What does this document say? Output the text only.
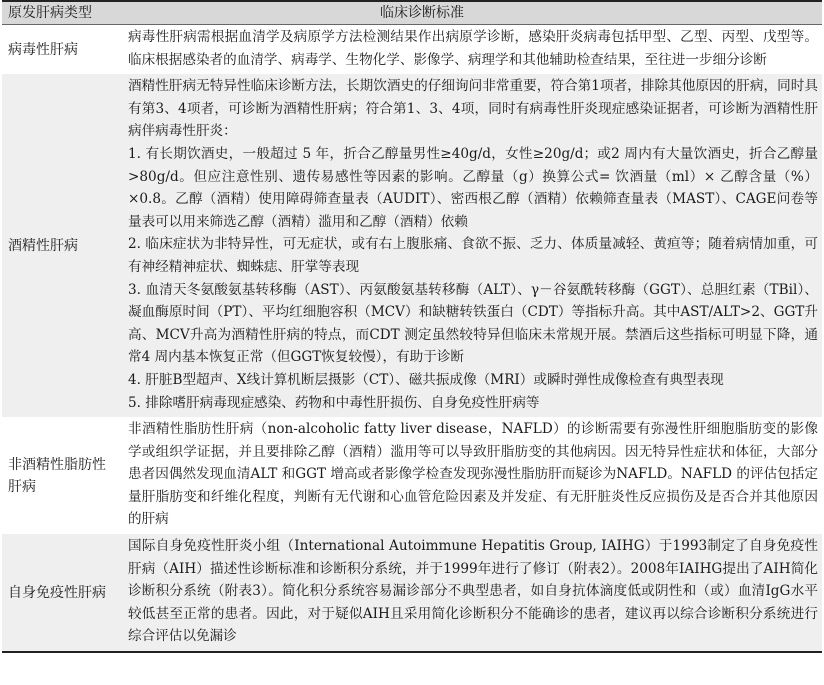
原发肝病类型	临床诊断标准
病毒性肝病

病毒性肝病需根据血清学及病原学方法检测结果作出病原学诊断，感染肝炎病毒包括甲型、乙型、丙型、戊型等。临床根据感染者的血清学、病毒学、生物化学、影像学、病理学和其他辅助检查结果，至往进一步细分诊断

酒精性肝病

酒精性肝病无特异性临床诊断方法，长期饮酒史的仔细询问非常重要，符合第1项者，排除其他原因的肝病，同时具有第3、4项者，可诊断为酒精性肝病；符合第1、3、4项，同时有病毒性肝炎现症感染证据者，可诊断为酒精性肝病伴病毒性肝炎：

1. 有长期饮酒史，一般超过 5 年，折合乙醇量男性≥40g/d，女性≥20g/d；或2 周内有大量饮酒史，折合乙醇量>80g/d。但应注意性别、遗传易感性等因素的影响。乙醇量（g）换算公式= 饮酒量（ml）× 乙醇含量（%）×0.8。乙醇（酒精）使用障碍筛查量表（AUDIT）、密西根乙醇（酒精）依赖筛查量表（MAST）、CAGE问卷等量表可以用来筛选乙醇（酒精）滥用和乙醇（酒精）依赖

2. 临床症状为非特异性，可无症状，或有右上腹胀痛、食欲不振、乏力、体质量减轻、黄疸等；随着病情加重，可有神经精神症状、蜘蛛痣、肝掌等表现

3. 血清天冬氨酸氨基转移酶（AST）、丙氨酸氨基转移酶（ALT）、γ－谷氨酰转移酶（GGT）、总胆红素（TBil）、凝血酶原时间（PT）、平均红细胞容积（MCV）和缺糖转铁蛋白（CDT）等指标升高。其中AST/ALT>2、GGT升高、MCV升高为酒精性肝病的特点，而CDT 测定虽然较特异但临床未常规开展。禁酒后这些指标可明显下降，通常4 周内基本恢复正常（但GGT恢复较慢），有助于诊断

4. 肝脏B型超声、X线计算机断层摄影（CT）、磁共振成像（MRI）或瞬时弹性成像检查有典型表现

5. 排除嗜肝病毒现症感染、药物和中毒性肝损伤、自身免疫性肝病等

非酒精性脂肪性肝病

非酒精性脂肪性肝病（non-alcoholic fatty liver disease，NAFLD）的诊断需要有弥漫性肝细胞脂肪变的影像学或组织学证据，并且要排除乙醇（酒精）滥用等可以导致肝脂肪变的其他病因。因无特异性症状和体征，大部分患者因偶然发现血清ALT 和GGT 增高或者影像学检查发现弥漫性脂肪肝而疑诊为NAFLD。NAFLD 的评估包括定量肝脂肪变和纤维化程度，判断有无代谢和心血管危险因素及并发症、有无肝脏炎性反应损伤及是否合并其他原因的肝病

自身免疫性肝病

国际自身免疫性肝炎小组（International Autoimmune Hepatitis Group, IAIHG）于1993制定了自身免疫性肝病（AIH）描述性诊断标准和诊断积分系统，并于1999年进行了修订（附表2）。2008年IAIHG提出了AIH简化诊断积分系统（附表3）。简化积分系统容易漏诊部分不典型患者，如自身抗体滴度低或阴性和（或）血清IgG水平较低甚至正常的患者。因此，对于疑似AIH且采用简化诊断积分不能确诊的患者，建议再以综合诊断积分系统进行综合评估以免漏诊
